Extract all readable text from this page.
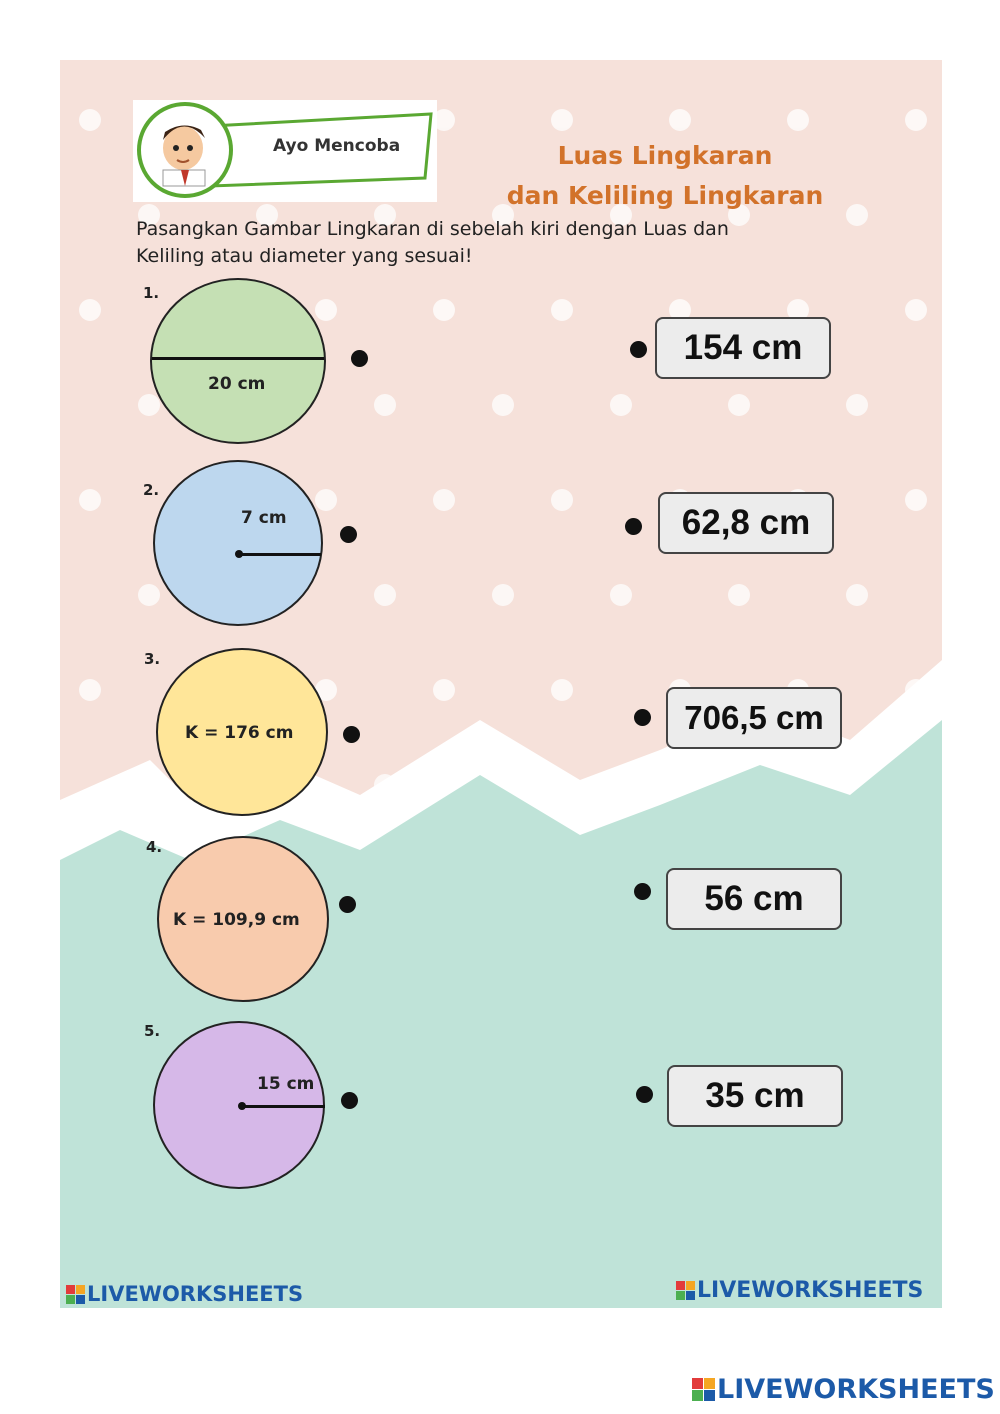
Ayo Mencoba	Luas Lingkaran
dan Keliling Lingkaran
Pasangkan Gambar Lingkaran di sebelah kiri dengan Luas dan
Keliling atau diameter yang sesuai!
1.
20 cm
2.
7 cm
3.
K = 176 cm
4.
K = 109,9 cm
5.
15 cm
154 cm
62,8 cm
706,5 cm
56 cm
35 cm
LIVEWORKSHEETS	LIVEWORKSHEETS
LIVEWORKSHEETS
